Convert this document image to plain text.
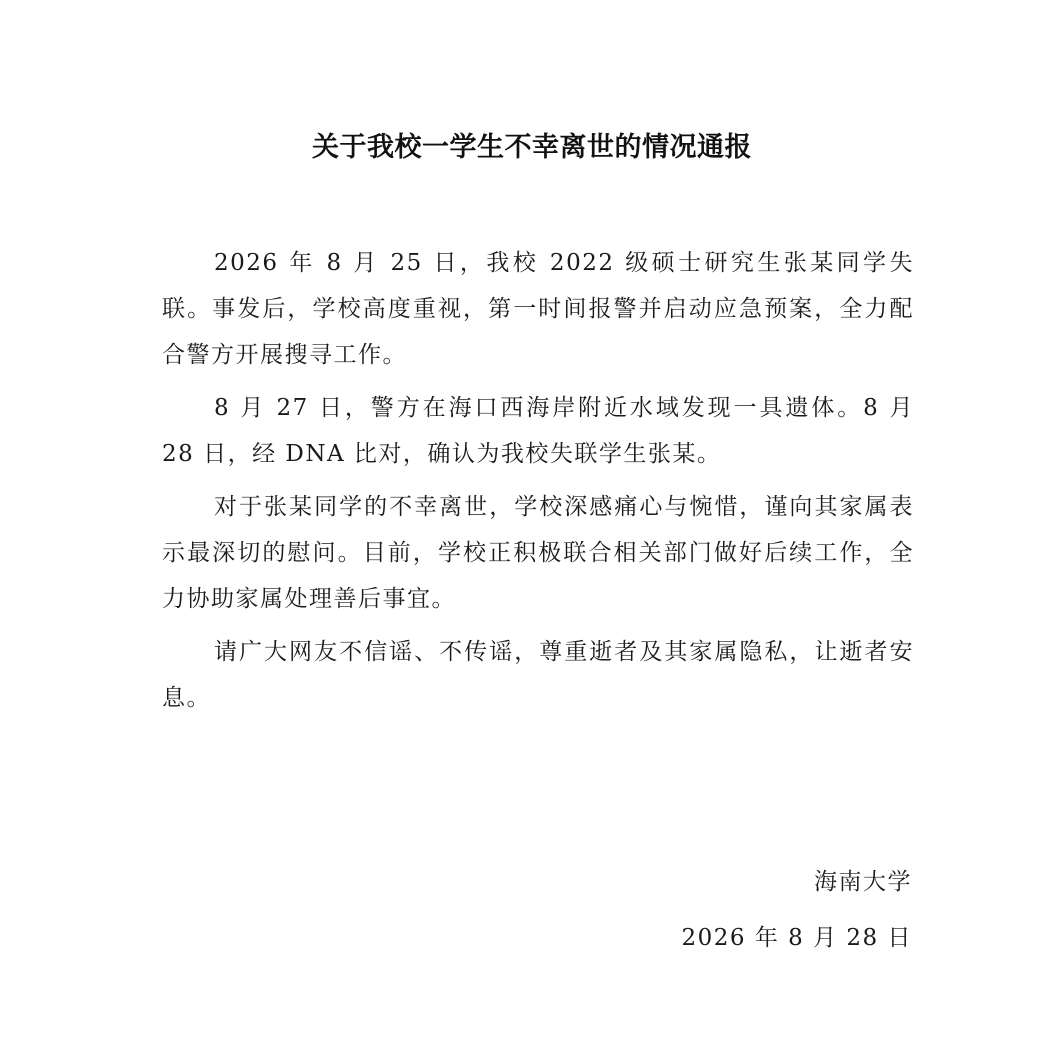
关于我校一学生不幸离世的情况通报

2026 年 8 月 25 日，我校 2022 级硕士研究生张某同学失联。事发后，学校高度重视，第一时间报警并启动应急预案，全力配合警方开展搜寻工作。

8 月 27 日，警方在海口西海岸附近水域发现一具遗体。8 月 28 日，经 DNA 比对，确认为我校失联学生张某。

对于张某同学的不幸离世，学校深感痛心与惋惜，谨向其家属表示最深切的慰问。目前，学校正积极联合相关部门做好后续工作，全力协助家属处理善后事宜。

请广大网友不信谣、不传谣，尊重逝者及其家属隐私，让逝者安息。

海南大学
2026 年 8 月 28 日
